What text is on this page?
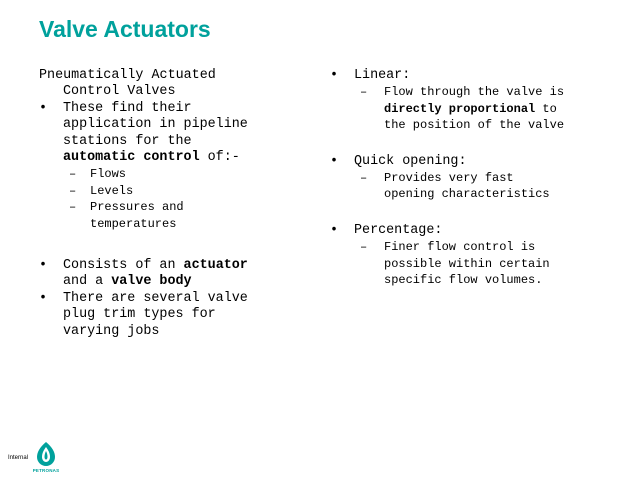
Valve Actuators
Pneumatically Actuated
Control Valves
•	These find their
application in pipeline
stations for the
automatic control of:-
– Flows
– Levels
– Pressures and
temperatures
•	Consists of an actuator
and a valve body
•	There are several valve
plug trim types for
varying jobs
•	Linear:
– Flow through the valve is
directly proportional to
the position of the valve
•	Quick opening:
– Provides very fast
opening characteristics
•	Percentage:
– Finer flow control is
possible within certain
specific flow volumes.
Internal
PETRONAS
